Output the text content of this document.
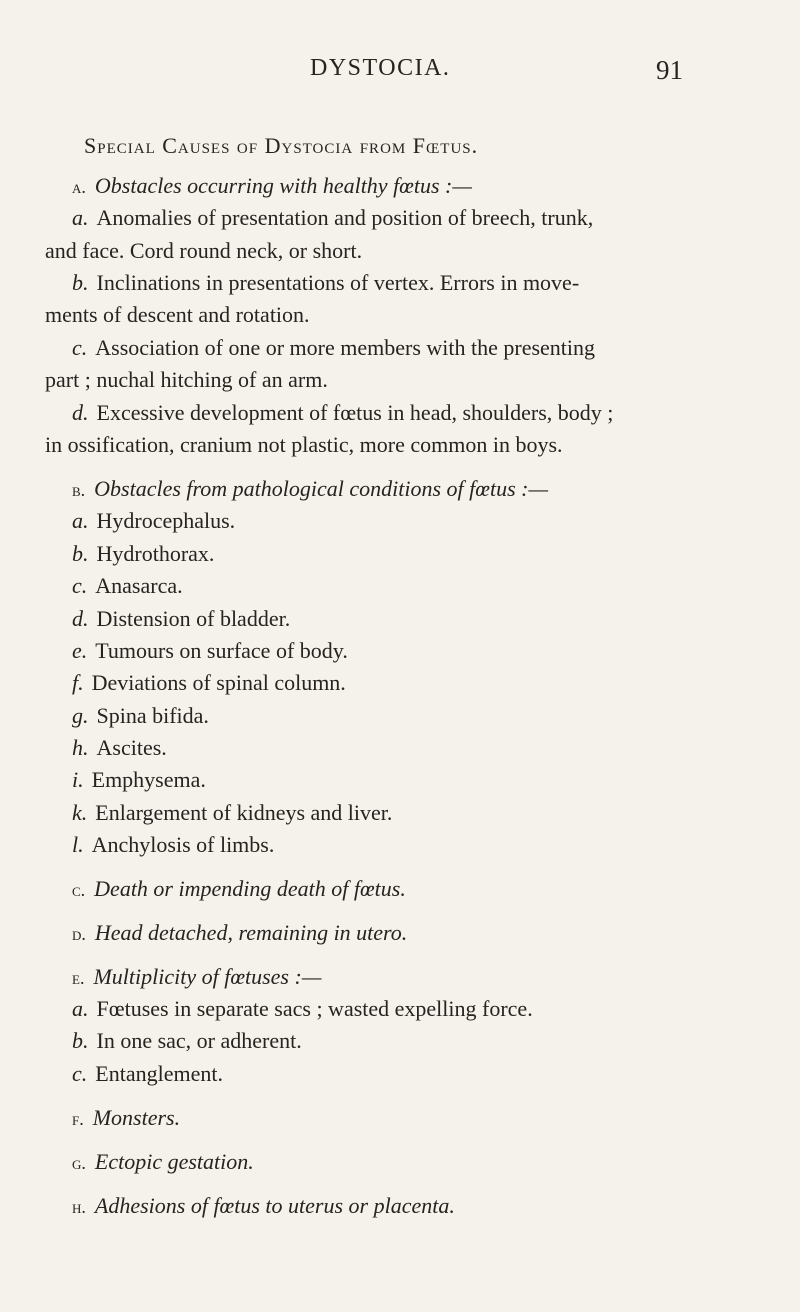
DYSTOCIA.	91
Special Causes of Dystocia from Fœtus.
a. Obstacles occurring with healthy fœtus :—
a. Anomalies of presentation and position of breech, trunk,
and face. Cord round neck, or short.
b. Inclinations in presentations of vertex. Errors in move-
ments of descent and rotation.
c. Association of one or more members with the presenting
part ; nuchal hitching of an arm.
d. Excessive development of fœtus in head, shoulders, body ;
in ossification, cranium not plastic, more common in boys.
b. Obstacles from pathological conditions of fœtus :—
a. Hydrocephalus.
b. Hydrothorax.
c. Anasarca.
d. Distension of bladder.
e. Tumours on surface of body.
f. Deviations of spinal column.
g. Spina bifida.
h. Ascites.
i. Emphysema.
k. Enlargement of kidneys and liver.
l. Anchylosis of limbs.
c. Death or impending death of fœtus.
d. Head detached, remaining in utero.
e. Multiplicity of fœtuses :—
a. Fœtuses in separate sacs ; wasted expelling force.
b. In one sac, or adherent.
c. Entanglement.
f. Monsters.
g. Ectopic gestation.
h. Adhesions of fœtus to uterus or placenta.
